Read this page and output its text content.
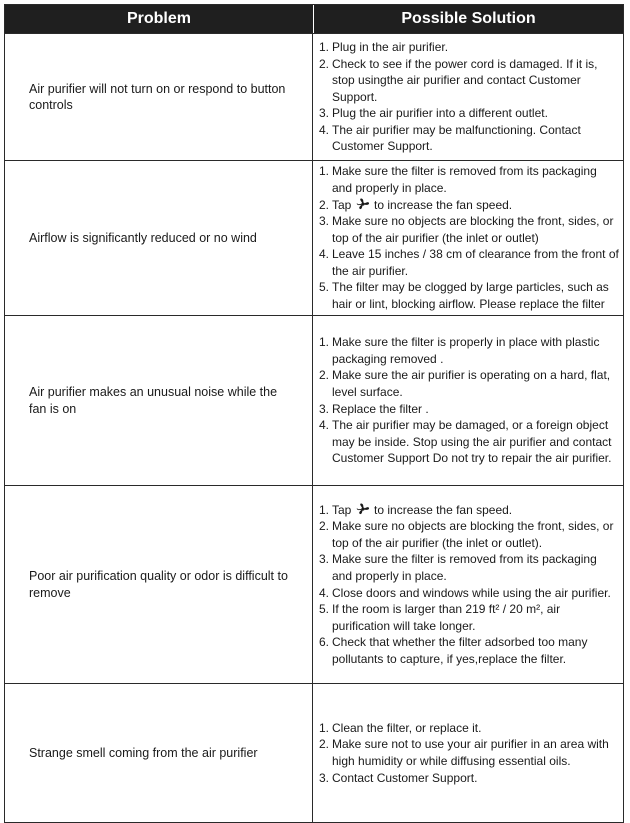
Problem	Possible Solution
Air purifier will not turn on or respond to button controls
1. Plug in the air purifier.
2. Check to see if the power cord is damaged. If it is, stop usingthe air purifier and contact Customer Support.
3. Plug the air purifier into a different outlet.
4. The air purifier may be malfunctioning. Contact Customer Support.
Airflow is significantly reduced or no wind
1. Make sure the filter is removed from its packaging and properly in place.
2. Tap to increase the fan speed.
3. Make sure no objects are blocking the front, sides, or top of the air purifier (the inlet or outlet)
4. Leave 15 inches / 38 cm of clearance from the front of the air purifier.
5. The filter may be clogged by large particles, such as hair or lint, blocking airflow. Please replace the filter
Air purifier makes an unusual noise while the fan is on
1. Make sure the filter is properly in place with plastic packaging removed .
2. Make sure the air purifier is operating on a hard, flat, level surface.
3. Replace the filter .
4. The air purifier may be damaged, or a foreign object may be inside. Stop using the air purifier and contact Customer Support Do not try to repair the air purifier.
Poor air purification quality or odor is difficult to remove
1. Tap to increase the fan speed.
2. Make sure no objects are blocking the front, sides, or top of the air purifier (the inlet or outlet).
3. Make sure the filter is removed from its packaging and properly in place.
4. Close doors and windows while using the air purifier.
5. If the room is larger than 219 ft² / 20 m², air purification will take longer.
6. Check that whether the filter adsorbed too many pollutants to capture, if yes,replace the filter.
Strange smell coming from the air purifier
1. Clean the filter, or replace it.
2. Make sure not to use your air purifier in an area with high humidity or while diffusing essential oils.
3. Contact Customer Support.
